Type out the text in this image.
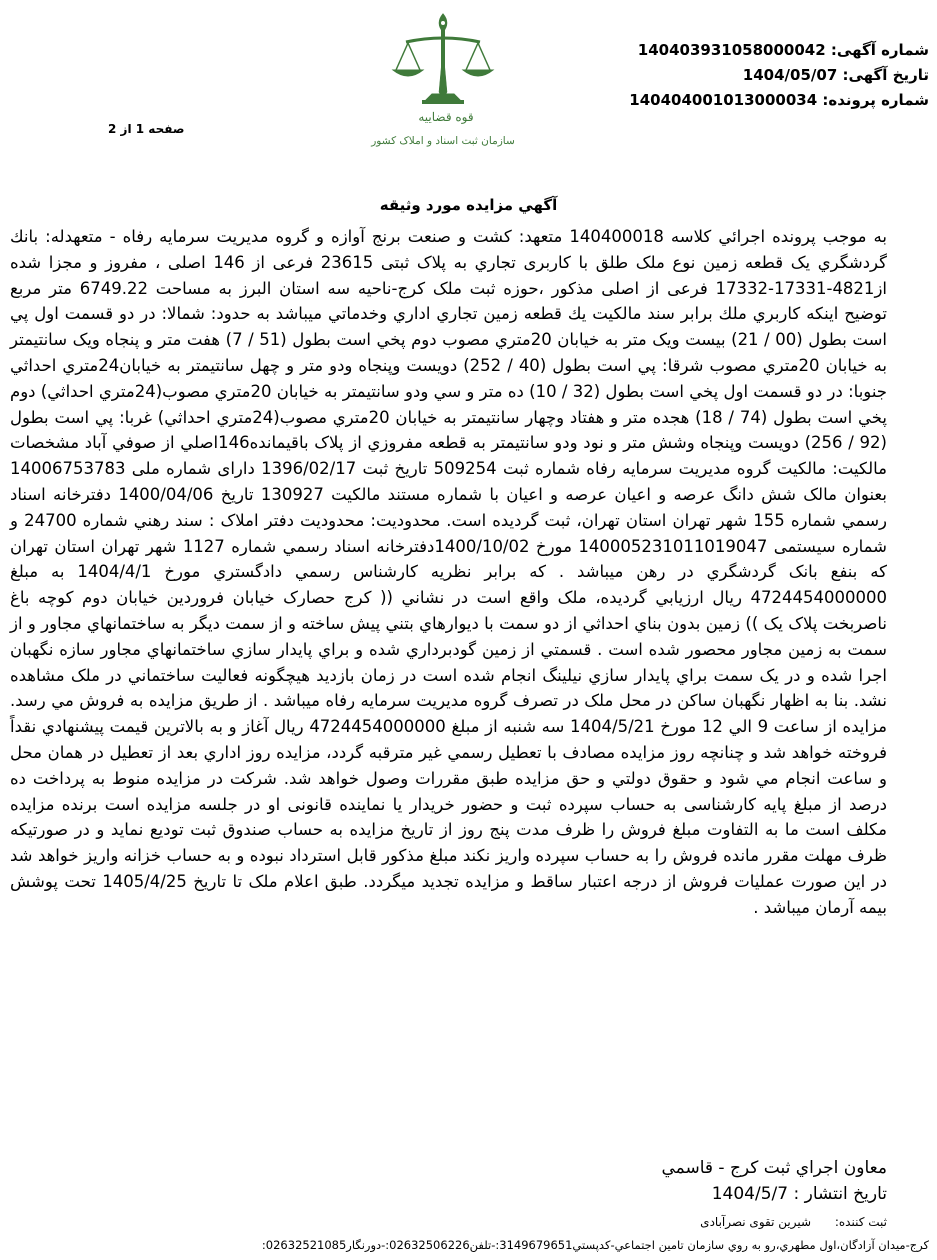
شماره آگهی: 140403931058000042
تاریخ آگهی: 1404/05/07
شماره پرونده: 140404001013000034
صفحه 1 از 2
قوه قضاییه
سازمان ثبت اسناد و املاک کشور
آگهي مزايده مورد وثيقه
به موجب پرونده اجرائي كلاسه 140400018 متعهد: کشت و صنعت برنج آوازه و گروه مديريت سرمايه رفاه - متعهدله: بانك گردشگري يک قطعه زمین نوع ملک طلق با کاربری تجاري به پلاک ثبتی 23615 فرعی از 146 اصلی ، مفروز و مجزا شده از4821-17331-17332 فرعی از اصلی مذکور ،حوزه ثبت ملک کرج-ناحيه سه استان البرز به مساحت 6749.22 متر مربع توضيح اينكه كاربري ملك برابر سند مالكيت يك قطعه زمين تجاري اداري وخدماتي ميباشد به حدود: شمالا: در دو قسمت اول پي است بطول (00 / 21) بيست ويک متر به خيابان 20متري مصوب دوم پخي است بطول (51 / 7) هفت متر و پنجاه ويک سانتيمتر به خيابان 20متري مصوب شرقا: پي است بطول (40 / 252) دويست وپنجاه ودو متر و چهل سانتيمتر به خيابان24متري احداثي جنوبا: در دو قسمت اول پخي است بطول (32 / 10) ده متر و سي ودو سانتيمتر به خيابان 20متري مصوب(24متري احداثي) دوم پخي است بطول (74 / 18) هجده متر و هفتاد وچهار سانتيمتر به خيابان 20متري مصوب(24متري احداثي) غربا: پي است بطول (92 / 256) دويست وپنجاه وشش متر و نود ودو سانتيمتر به قطعه مفروزي از پلاک باقيمانده146اصلي از صوفي آباد مشخصات مالکيت: مالکيت گروه مديريت سرمايه رفاه شماره ثبت 509254 تاريخ ثبت 1396/02/17 دارای شماره ملی 14006753783 بعنوان مالک شش دانگ عرصه و اعيان عرصه و اعيان با شماره مستند مالکيت 130927 تاريخ 1400/04/06 دفترخانه اسناد رسمي شماره 155 شهر تهران استان تهران، ثبت گرديده است. محدوديت: محدوديت دفتر املاک : سند رهني شماره 24700 و شماره سيستمی 140005231011019047 مورخ 1400/10/02دفترخانه اسناد رسمي شماره 1127 شهر تهران استان تهران که بنفع بانک گردشگري در رهن ميباشد . كه برابر نظريه كارشناس رسمي دادگستري مورخ 1404/4/1 به مبلغ 4724454000000 ريال ارزيابي گرديده، ملک واقع است در نشاني (( کرج حصارک خيابان فروردين خيابان دوم کوچه باغ ناصربخت پلاک يک )) زمين بدون بناي احداثي از دو سمت با ديوارهاي بتني پيش ساخته و از سمت ديگر به ساختمانهاي مجاور و از سمت به زمين مجاور محصور شده است . قسمتي از زمين گودبرداري شده و براي پايدار سازي ساختمانهاي مجاور سازه نگهبان اجرا شده و در يک سمت براي پايدار سازي نيلينگ انجام شده است در زمان بازديد هيچگونه فعاليت ساختماني در ملک مشاهده نشد. بنا به اظهار نگهبان ساکن در محل ملک در تصرف گروه مديريت سرمايه رفاه ميباشد . از طريق مزايده به فروش مي رسد. مزايده از ساعت 9 الي 12 مورخ 1404/5/21 سه شنبه از مبلغ 4724454000000 ريال آغاز و به بالاترين قيمت پيشنهادي نقداً فروخته خواهد شد و چنانچه روز مزايده مصادف با تعطيل رسمي غير مترقبه گردد، مزايده روز اداري بعد از تعطيل در همان محل و ساعت انجام مي شود و حقوق دولتي و حق مزايده طبق مقررات وصول خواهد شد. شرکت در مزایده منوط به پرداخت ده درصد از مبلغ پایه کارشناسی به حساب سپرده ثبت و حضور خریدار یا نماینده قانونی او در جلسه مزایده است برنده مزایده مکلف است ما به التفاوت مبلغ فروش را ظرف مدت پنج روز از تاریخ مزایده به حساب صندوق ثبت توديع نمايد و در صورتیکه ظرف مهلت مقرر مانده فروش را به حساب سپرده واریز نکند مبلغ مذکور قابل استرداد نبوده و به حساب خزانه واریز خواهد شد در این صورت عملیات فروش از درجه اعتبار ساقط و مزایده تجدید میگردد. طبق اعلام ملک تا تاریخ 1405/4/25 تحت پوشش بیمه آرمان میباشد .
معاون اجراي ثبت كرج - قاسمي
تاريخ انتشار : 1404/5/7
ثبت كننده: شیرین تقوی نصرآبادی
كرج-ميدان آزادگان،اول مطهري،رو به روي سازمان تامين اجتماعي-كدپستي3149679651:-تلفن02632506226:-دورنگار02632521085:
